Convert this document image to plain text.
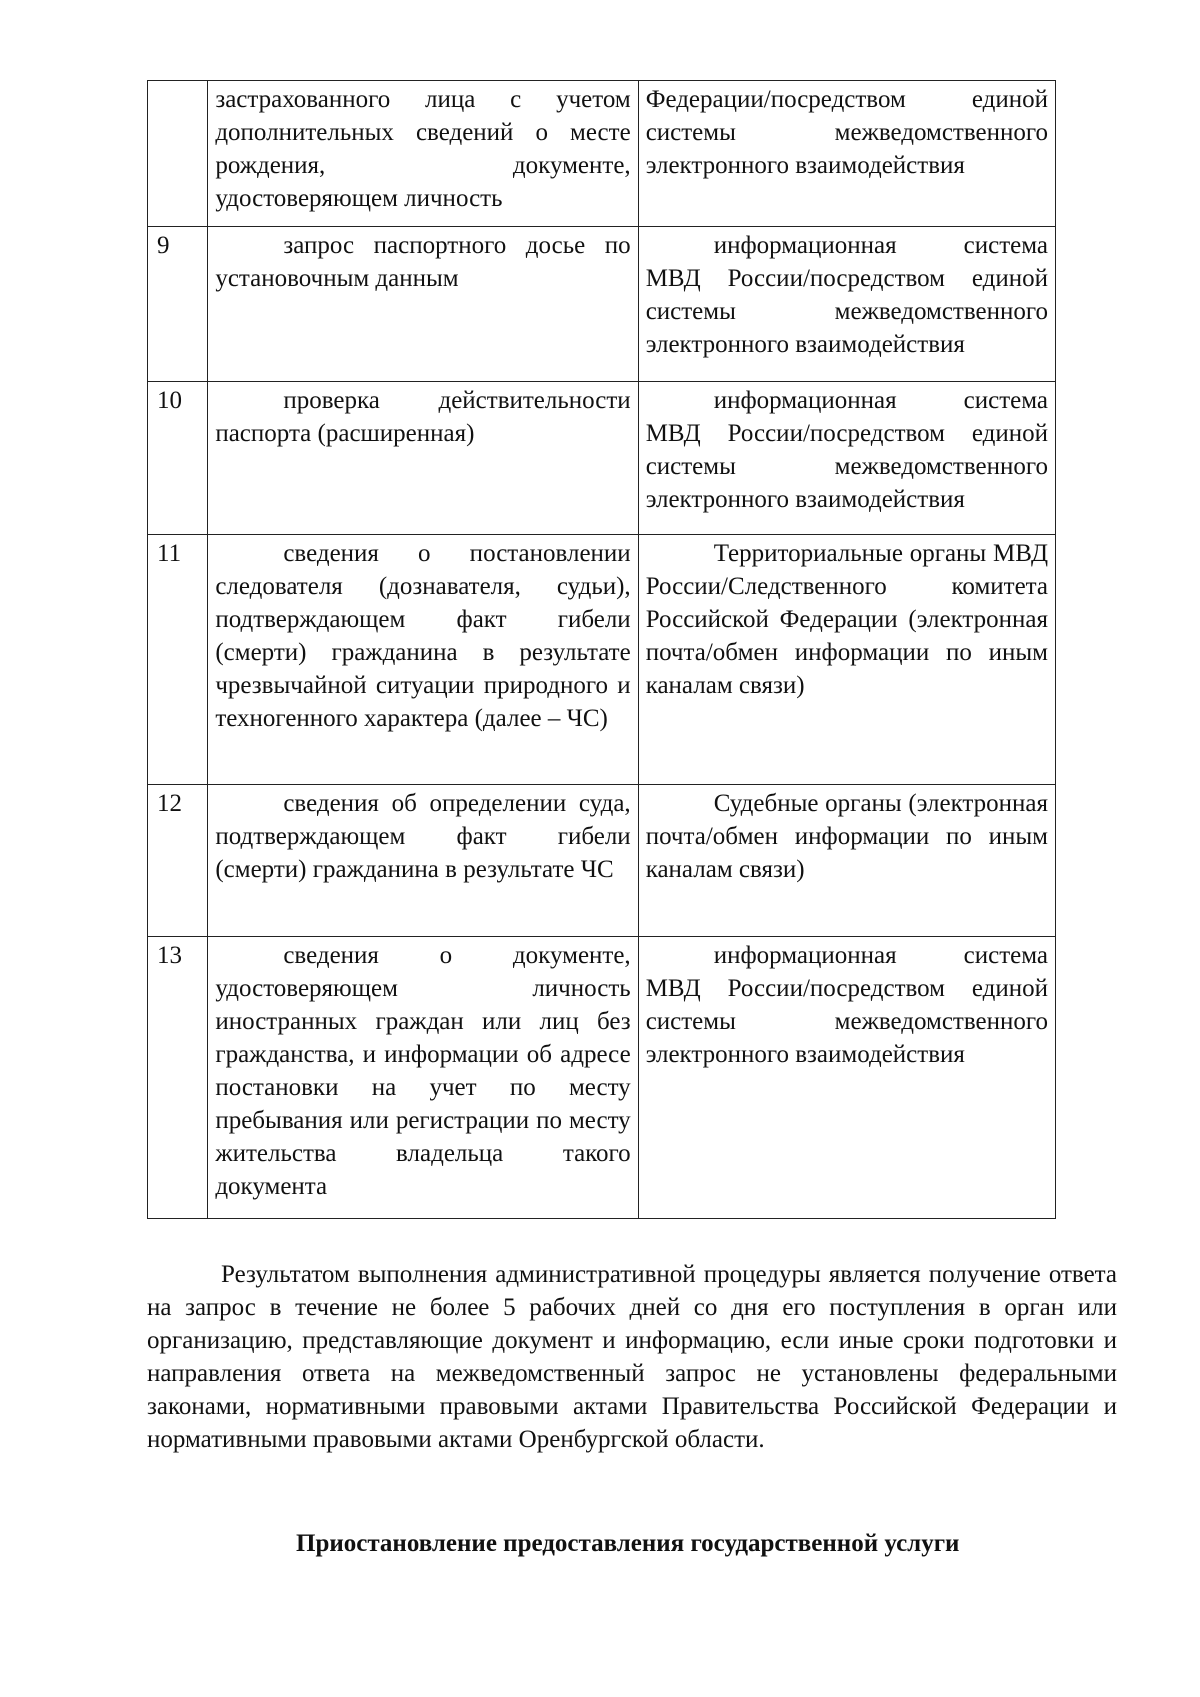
	застрахованного лица с учетом дополнительных сведений о месте рождения, документе, удостоверяющем личность	Федерации/посредством единой системы межведомственного электронного взаимодействия

9	запрос паспортного досье по установочным данным	информационная система МВД России/посредством единой системы межведомственного электронного взаимодействия

10	проверка действительности паспорта (расширенная)	информационная система МВД России/посредством единой системы межведомственного электронного взаимодействия

11	сведения о постановлении следователя (дознавателя, судьи), подтверждающем факт гибели (смерти) гражданина в результате чрезвычайной ситуации природного и техногенного характера (далее – ЧС)	Территориальные органы МВД России/Следственного комитета Российской Федерации (электронная почта/обмен информации по иным каналам связи)

12	сведения об определении суда, подтверждающем факт гибели (смерти) гражданина в результате ЧС	Судебные органы (электронная почта/обмен информации по иным каналам связи)

13	сведения о документе, удостоверяющем личность иностранных граждан или лиц без гражданства, и информации об адресе постановки на учет по месту пребывания или регистрации по месту жительства владельца такого документа	информационная система МВД России/посредством единой системы межведомственного электронного взаимодействия

Результатом выполнения административной процедуры является получение ответа на запрос в течение не более 5 рабочих дней со дня его поступления в орган или организацию, представляющие документ и информацию, если иные сроки подготовки и направления ответа на межведомственный запрос не установлены федеральными законами, нормативными правовыми актами Правительства Российской Федерации и нормативными правовыми актами Оренбургской области.

Приостановление предоставления государственной услуги
